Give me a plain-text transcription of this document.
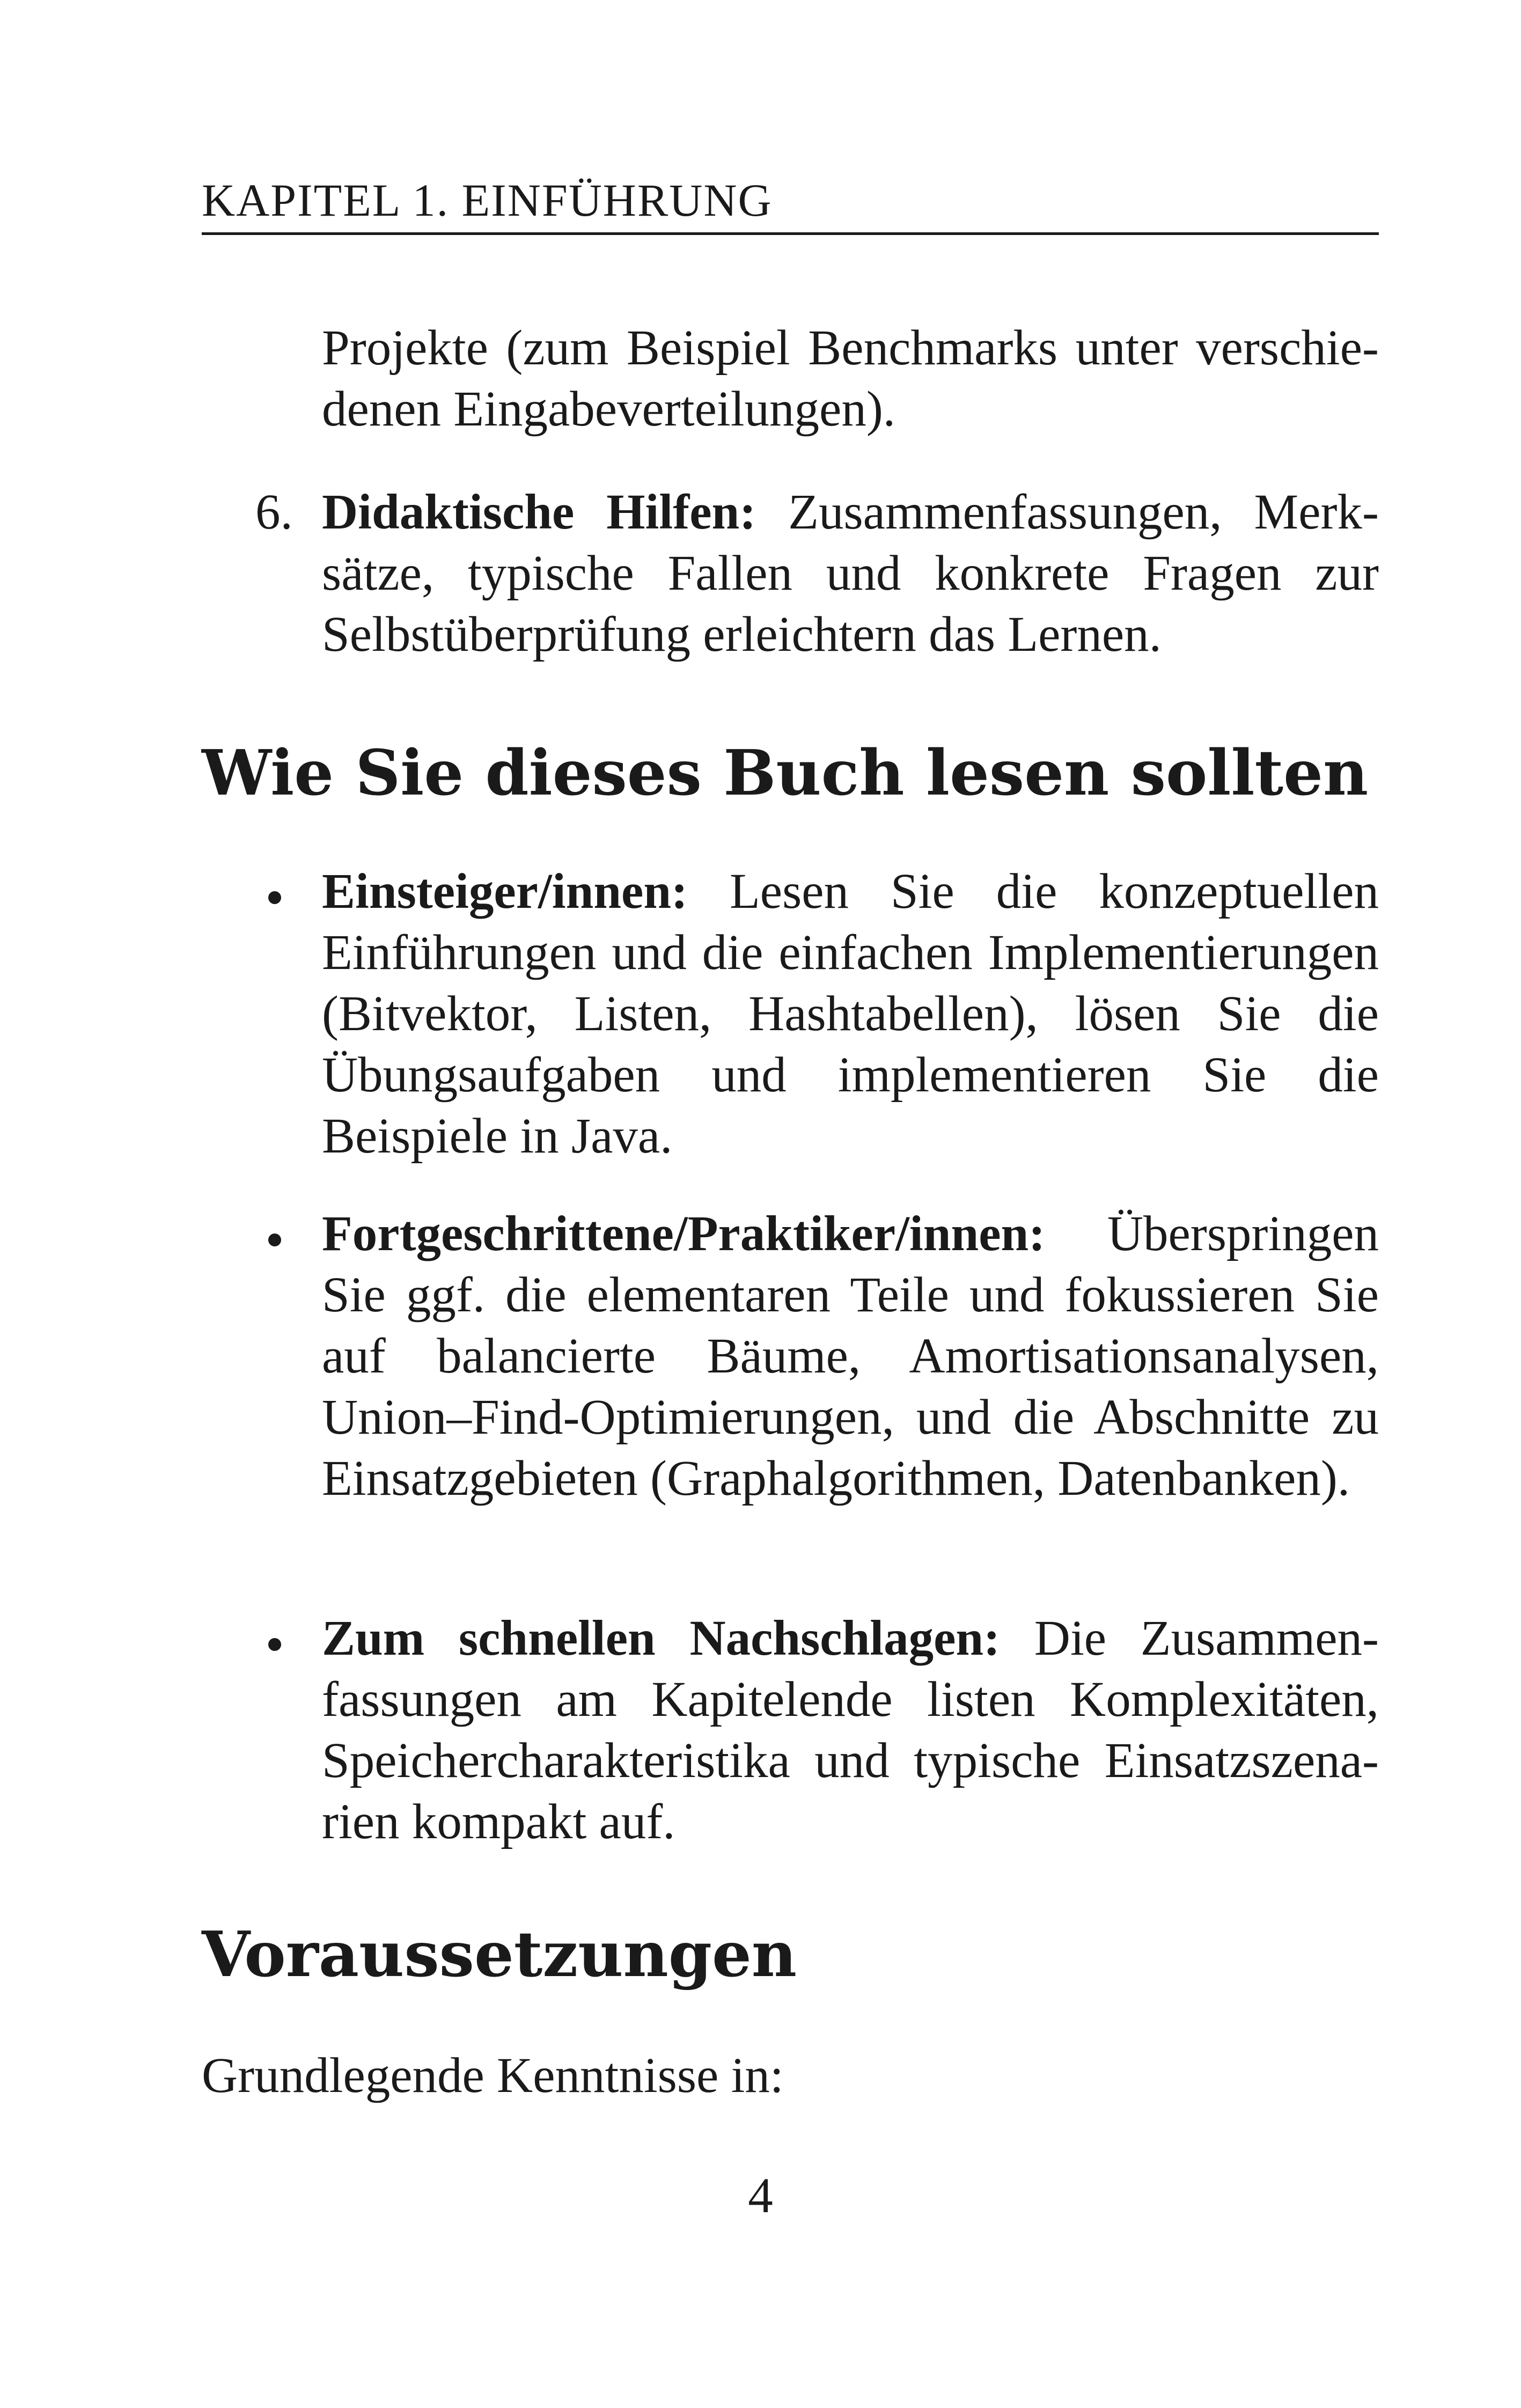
KAPITEL 1. EINFÜHRUNG

Projekte (zum Beispiel Benchmarks unter verschiedenen Eingabeverteilungen).

6. Didaktische Hilfen: Zusammenfassungen, Merksätze, typische Fallen und konkrete Fragen zur Selbstüberprüfung erleichtern das Lernen.

Wie Sie dieses Buch lesen sollten

Einsteiger/innen: Lesen Sie die konzeptuellen Einführungen und die einfachen Implementierungen (Bitvektor, Listen, Hashtabellen), lösen Sie die Übungsaufgaben und implementieren Sie die Beispiele in Java.

Fortgeschrittene/Praktiker/innen: Überspringen Sie ggf. die elementaren Teile und fokussieren Sie auf balancierte Bäume, Amortisationsanalysen, Union–Find-Optimierungen, und die Abschnitte zu Einsatzgebieten (Graphalgorithmen, Datenbanken).

Zum schnellen Nachschlagen: Die Zusammenfassungen am Kapitelende listen Komplexitäten, Speichercharakteristika und typische Einsatzszenarien kompakt auf.

Voraussetzungen

Grundlegende Kenntnisse in:

4
